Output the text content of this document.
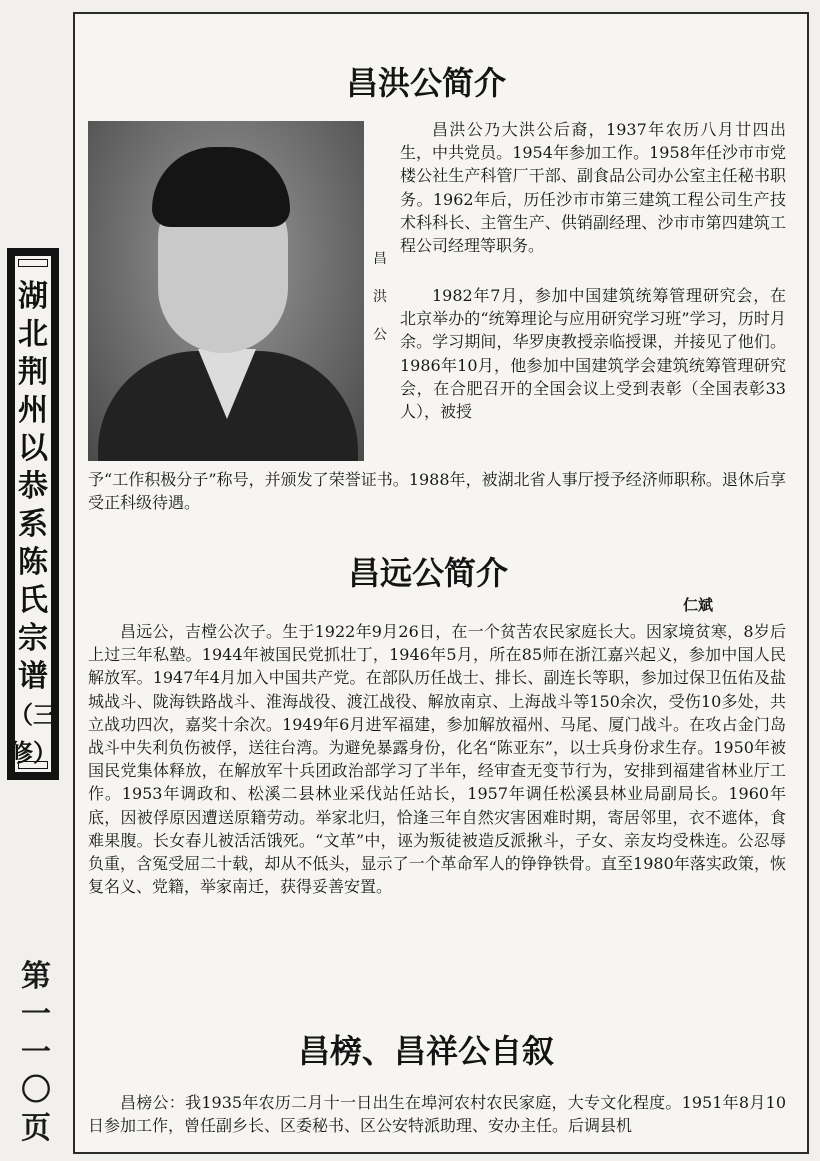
湖
北
荆
州
以
恭
系
陈
氏
宗
谱
（三
修）
第
一
一
〇
页
昌洪公简介
昌
洪
公

昌洪公乃大洪公后裔，1937年农历八月廿四出生，中共党员。1954年参加工作。1958年任沙市市党楼公社生产科管厂干部、副食品公司办公室主任秘书职务。1962年后，历任沙市市第三建筑工程公司生产技术科科长、主管生产、供销副经理、沙市市第四建筑工程公司经理等职务。

1982年7月，参加中国建筑统筹管理研究会，在北京举办的“统筹理论与应用研究学习班”学习，历时月余。学习期间，华罗庚教授亲临授课，并接见了他们。1986年10月，他参加中国建筑学会建筑统筹管理研究会，在合肥召开的全国会议上受到表彰（全国表彰33人），被授

予“工作积极分子”称号，并颁发了荣誉证书。1988年，被湖北省人事厅授予经济师职称。退休后享受正科级待遇。

昌远公简介
仁斌

昌远公，吉樘公次子。生于1922年9月26日，在一个贫苦农民家庭长大。因家境贫寒，8岁后上过三年私塾。1944年被国民党抓壮丁，1946年5月，所在85师在浙江嘉兴起义，参加中国人民解放军。1947年4月加入中国共产党。在部队历任战士、排长、副连长等职，参加过保卫伍佑及盐城战斗、陇海铁路战斗、淮海战役、渡江战役、解放南京、上海战斗等150余次，受伤10多处，共立战功四次，嘉奖十余次。1949年6月进军福建，参加解放福州、马尾、厦门战斗。在攻占金门岛战斗中失利负伤被俘，送往台湾。为避免暴露身份，化名“陈亚东”，以士兵身份求生存。1950年被国民党集体释放，在解放军十兵团政治部学习了半年，经审查无变节行为，安排到福建省林业厅工作。1953年调政和、松溪二县林业采伐站任站长，1957年调任松溪县林业局副局长。1960年底，因被俘原因遭送原籍劳动。举家北归，恰逢三年自然灾害困难时期，寄居邻里，衣不遮体，食难果腹。长女春儿被活活饿死。“文革”中，诬为叛徒被造反派揪斗，子女、亲友均受株连。公忍辱负重，含冤受屈二十载，却从不低头，显示了一个革命军人的铮铮铁骨。直至1980年落实政策，恢复名义、党籍，举家南迁，获得妥善安置。

昌榜、昌祥公自叙

昌榜公：我1935年农历二月十一日出生在埠河农村农民家庭，大专文化程度。1951年8月10日参加工作，曾任副乡长、区委秘书、区公安特派助理、安办主任。后调县机
